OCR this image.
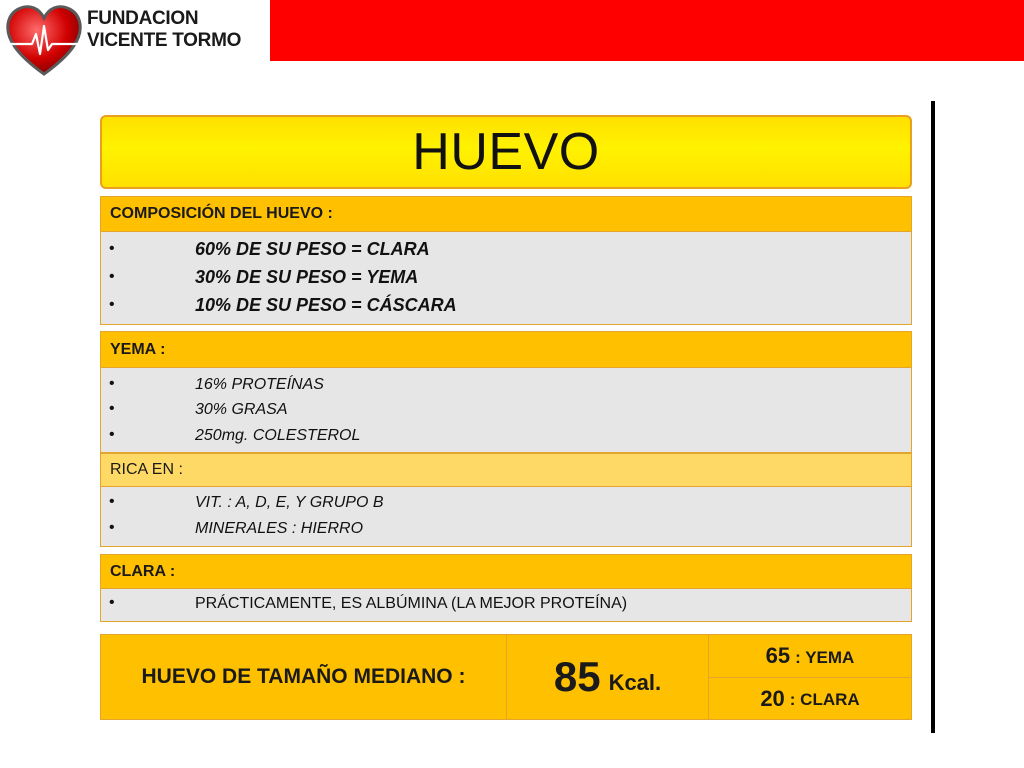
FUNDACION
VICENTE TORMO
HUEVO
COMPOSICIÓN DEL HUEVO :
•	60% DE SU PESO = CLARA
•	30% DE SU PESO = YEMA
•	10% DE SU PESO = CÁSCARA
YEMA :
•	16% PROTEÍNAS
•	30% GRASA
•	250mg. COLESTEROL
RICA EN :
•	VIT. : A, D, E, Y GRUPO B
•	MINERALES : HIERRO
CLARA :
•	PRÁCTICAMENTE, ES ALBÚMINA (LA MEJOR PROTEÍNA)
HUEVO DE TAMAÑO MEDIANO : 85 Kcal.
65 : YEMA
20 : CLARA
